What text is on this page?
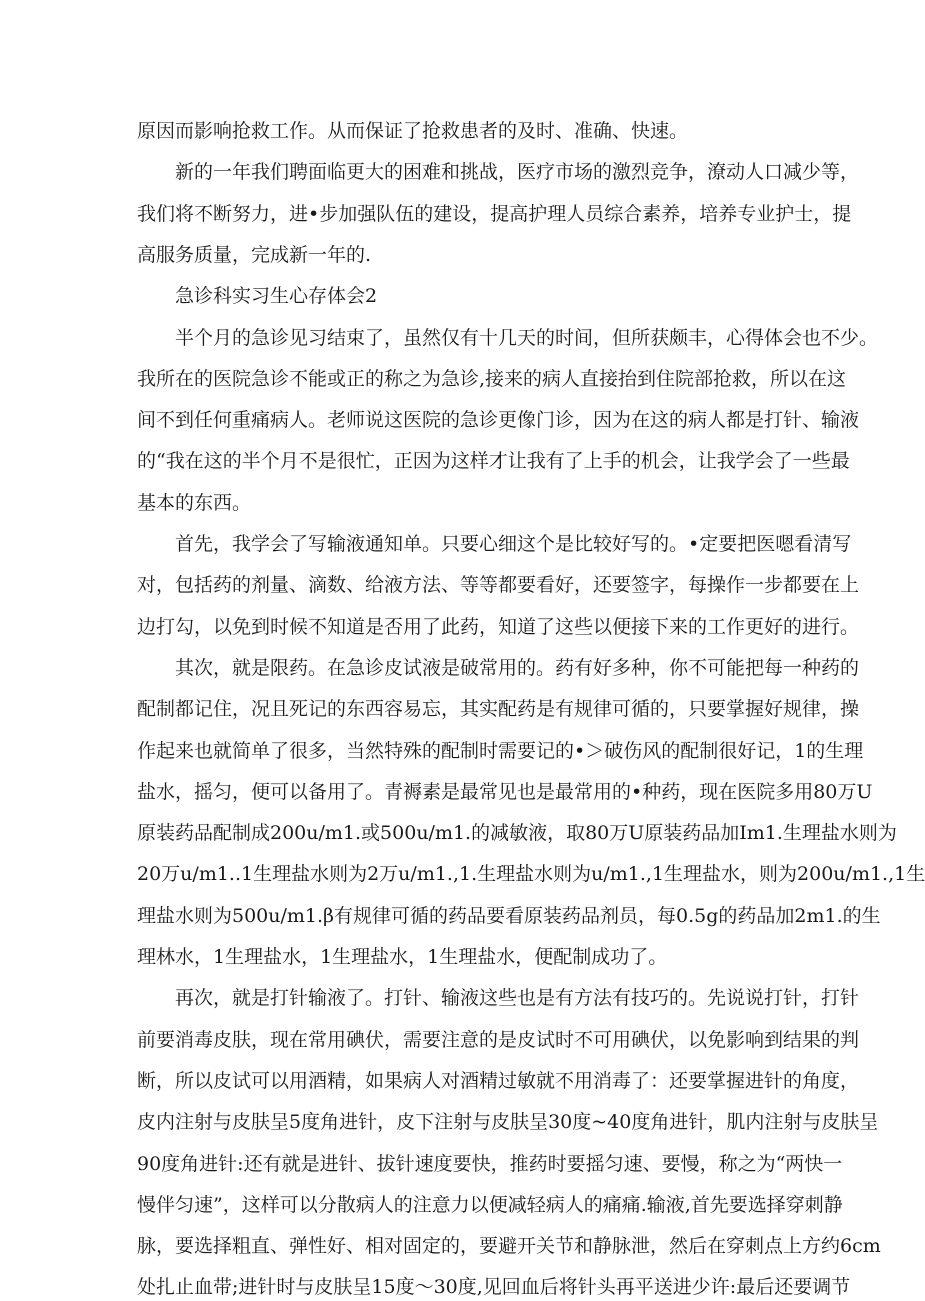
原因而影响抢救工作。从而保证了抢救患者的及时、准确、快速。
新的一年我们聘面临更大的困难和挑战，医疗市场的激烈竞争，潦动人口减少等，
我们将不断努力，进•步加强队伍的建设，提高护理人员综合素养，培养专业护士，提
高服务质量，完成新一年的.
急诊科实习生心存体会2
半个月的急诊见习结束了，虽然仅有十几天的时间，但所获颇丰，心得体会也不少。
我所在的医院急诊不能或正的称之为急诊,接来的病人直接抬到住院部抢救，所以在这
间不到任何重痛病人。老师说这医院的急诊更像门诊，因为在这的病人都是打针、输液
的“我在这的半个月不是很忙，正因为这样才让我有了上手的机会，让我学会了一些最
基本的东西。
首先，我学会了写输液通知单。只要心细这个是比较好写的。•定要把医嗯看清写
对，包括药的剂量、滴数、给液方法、等等都要看好，还要签字，每操作一步都要在上
边打勾，以免到时候不知道是否用了此药，知道了这些以便接下来的工作更好的进行。
其次，就是限药。在急诊皮试液是破常用的。药有好多种，你不可能把每一种药的
配制都记住，况且死记的东西容易忘，其实配药是有规律可循的，只要掌握好规律，操
作起来也就简单了很多，当然特殊的配制时需要记的•＞破伤风的配制很好记，1的生理
盐水，摇匀，便可以备用了。青褥素是最常见也是最常用的•种药，现在医院多用80万U
原装药品配制成200u∕m1.或500u∕m1.的减敏液，取80万U原装药品加Im1.生理盐水则为
20万u/m1..1生理盐水则为2万u∕m1.,1.生理盐水则为u/m1.,1生理盐水，则为200u∕m1.,1生
理盐水则为500u∕m1.β有规律可循的药品要看原装药品剂员，每0.5g的药品加2m1.的生
理林水，1生理盐水，1生理盐水，1生理盐水，便配制成功了。
再次，就是打针输液了。打针、输液这些也是有方法有技巧的。先说说打针，打针
前要消毒皮肤，现在常用碘伏，需要注意的是皮试时不可用碘伏，以免影响到结果的判
断，所以皮试可以用酒精，如果病人对酒精过敏就不用消毒了：还要掌握进针的角度，
皮内注射与皮肤呈5度角进针，皮下注射与皮肤呈30度~40度角进针，肌内注射与皮肤呈
90度角进针:还有就是进针、拔针速度要快，推药时要摇匀速、要慢，称之为“两快一
慢伴匀速”，这样可以分散病人的注意力以便减轻病人的痛痛.输液,首先要选择穿刺静
脉，要选择粗直、弹性好、相对固定的，要避开关节和静脉泄，然后在穿刺点上方约6cm
处扎止血带;进针时与皮肤呈15度～30度,见回血后将针头再平送进少许:最后还要调节
